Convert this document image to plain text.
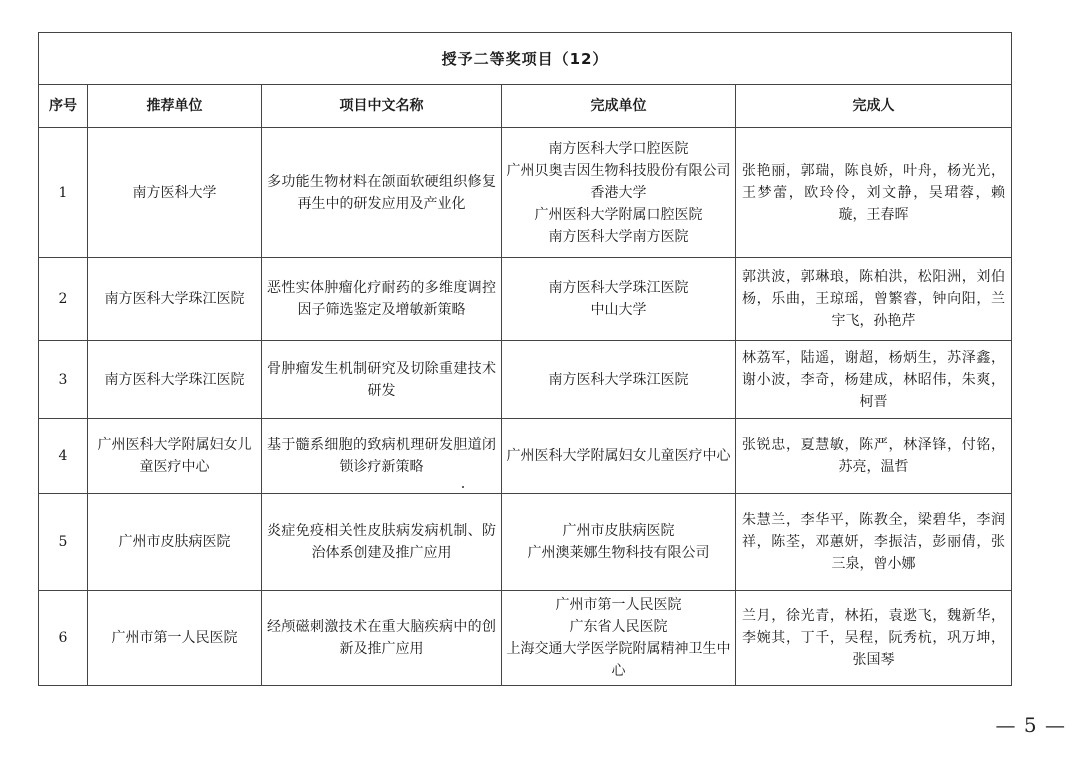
授予二等奖项目（12）				
序号	推荐单位	项目中文名称	完成单位	完成人
1	南方医科大学	多功能生物材料在颌面软硬组织修复再生中的研发应用及产业化	南方医科大学口腔医院
广州贝奥吉因生物科技股份有限公司
香港大学
广州医科大学附属口腔医院
南方医科大学南方医院	张艳丽，郭瑞，陈良娇，叶舟，杨光光，王梦蕾，欧玲伶，刘文静，吴珺蓉，赖璇，王春晖
2	南方医科大学珠江医院	恶性实体肿瘤化疗耐药的多维度调控因子筛选鉴定及增敏新策略	南方医科大学珠江医院
中山大学	郭洪波，郭琳琅，陈柏洪，松阳洲，刘伯杨，乐曲，王琼瑶，曾繁睿，钟向阳，兰宇飞，孙艳芹
3	南方医科大学珠江医院	骨肿瘤发生机制研究及切除重建技术研发	南方医科大学珠江医院	林荔军，陆遥，谢超，杨炳生，苏泽鑫，谢小波，李奇，杨建成，林昭伟，朱爽，柯晋
4	广州医科大学附属妇女儿童医疗中心	基于髓系细胞的致病机理研发胆道闭锁诊疗新策略	广州医科大学附属妇女儿童医疗中心	张锐忠，夏慧敏，陈严，林泽锋，付铭，苏亮，温哲
5	广州市皮肤病医院	炎症免疫相关性皮肤病发病机制、防治体系创建及推广应用	广州市皮肤病医院
广州澳莱娜生物科技有限公司	朱慧兰，李华平，陈教全，梁碧华，李润祥，陈荃，邓蕙妍，李振洁，彭丽倩，张三泉，曾小娜
6	广州市第一人民医院	经颅磁刺激技术在重大脑疾病中的创新及推广应用	广州市第一人民医院
广东省人民医院
上海交通大学医学院附属精神卫生中心	兰月，徐光青，林拓，袁逖飞，魏新华，李婉其，丁千，吴程，阮秀杭，巩万坤，张国琴
— 5 —
